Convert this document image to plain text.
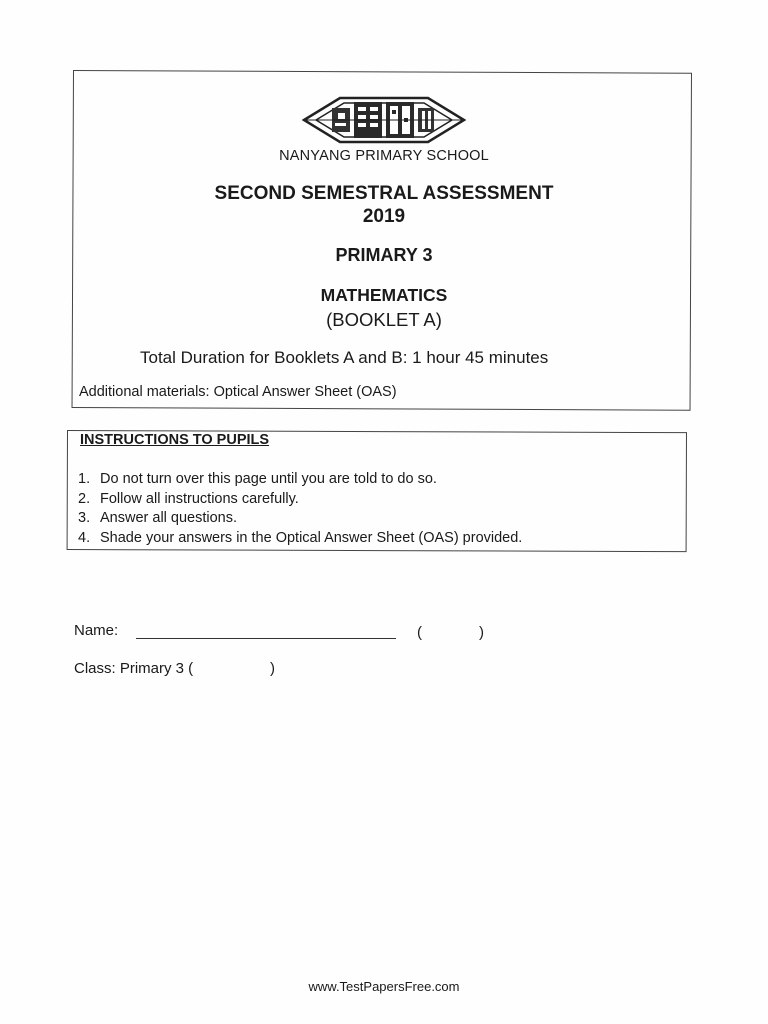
NANYANG PRIMARY SCHOOL
SECOND SEMESTRAL ASSESSMENT
2019
PRIMARY 3
MATHEMATICS
(BOOKLET A)
Total Duration for Booklets A and B: 1 hour 45 minutes
Additional materials: Optical Answer Sheet (OAS)
INSTRUCTIONS TO PUPILS
1. Do not turn over this page until you are told to do so.
2. Follow all instructions carefully.
3. Answer all questions.
4. Shade your answers in the Optical Answer Sheet (OAS) provided.
Name:	(	)
Class: Primary 3 (	)
www.TestPapersFree.com
